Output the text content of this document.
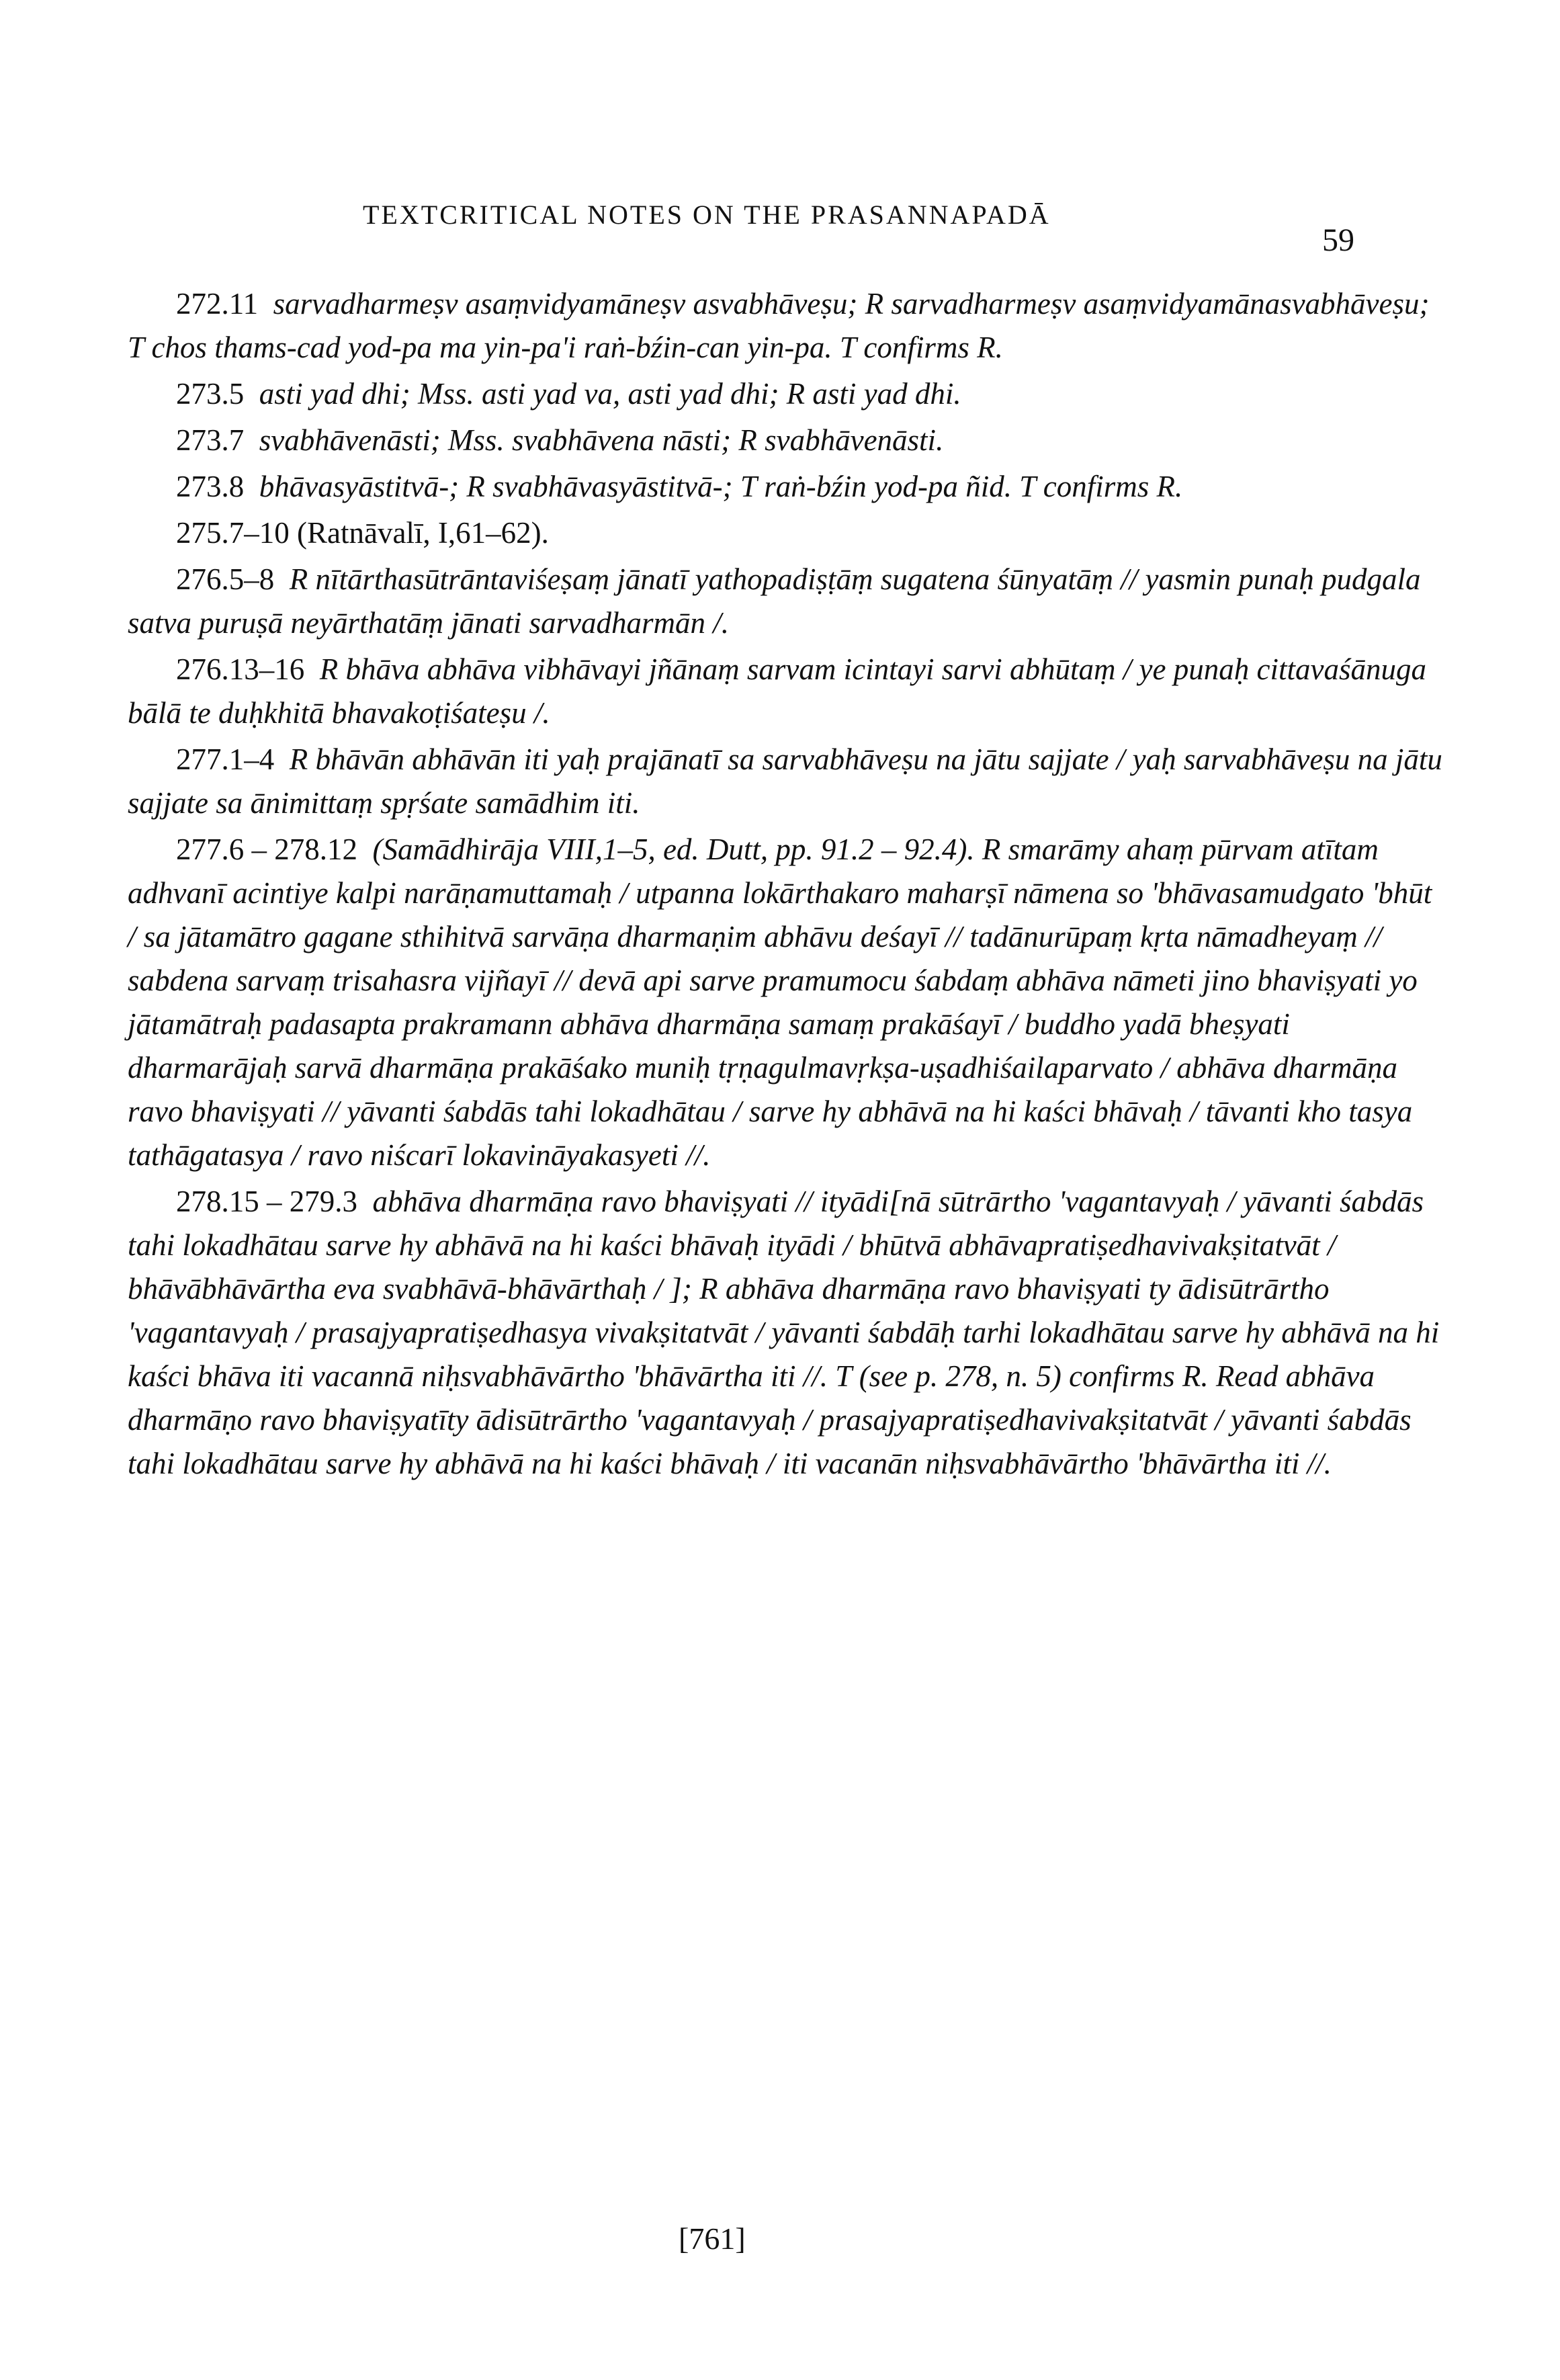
TEXTCRITICAL NOTES ON THE PRASANNAPADĀ
59

272.11 sarvadharmeṣv asaṃvidyamāneṣv asvabhāveṣu; R sarvadharmeṣv asaṃvidyamānasvabhāveṣu; T chos thams-cad yod-pa ma yin-pa'i raṅ-bźin-can yin-pa. T confirms R.

273.5 asti yad dhi; Mss. asti yad va, asti yad dhi; R asti yad dhi.

273.7 svabhāvenāsti; Mss. svabhāvena nāsti; R svabhāvenāsti.

273.8 bhāvasyāstitvā-; R svabhāvasyāstitvā-; T raṅ-bźin yod-pa ñid. T confirms R.

275.7–10 (Ratnāvalī, I,61–62).

276.5–8 R nītārthasūtrāntaviśeṣaṃ jānatī yathopadiṣṭāṃ sugatena śūnyatāṃ // yasmin punaḥ pudgala satva puruṣā neyārthatāṃ jānati sarvadharmān /.

276.13–16 R bhāva abhāva vibhāvayi jñānaṃ sarvam icintayi sarvi abhūtaṃ / ye punaḥ cittavaśānuga bālā te duḥkhitā bhavakoṭiśateṣu /.

277.1–4 R bhāvān abhāvān iti yaḥ prajānatī sa sarvabhāveṣu na jātu sajjate / yaḥ sarvabhāveṣu na jātu sajjate sa ānimittaṃ spṛśate samādhim iti.

277.6 – 278.12 (Samādhirāja VIII,1–5, ed. Dutt, pp. 91.2 – 92.4). R smarāmy ahaṃ pūrvam atītam adhvanī acintiye kalpi narāṇamuttamaḥ / utpanna lokārthakaro maharṣī nāmena so 'bhāvasamudgato 'bhūt / sa jātamātro gagane sthihitvā sarvāṇa dharmaṇim abhāvu deśayī // tadānurūpaṃ kṛta nāmadheyaṃ // sabdena sarvaṃ trisahasra vijñayī // devā api sarve pramumocu śabdaṃ abhāva nāmeti jino bhaviṣyati yo jātamātraḥ padasapta prakramann abhāva dharmāṇa samaṃ prakāśayī / buddho yadā bheṣyati dharmarājaḥ sarvā dharmāṇa prakāśako muniḥ tṛṇagulmavṛkṣa-uṣadhiśailaparvato / abhāva dharmāṇa ravo bhaviṣyati // yāvanti śabdās tahi lokadhātau / sarve hy abhāvā na hi kaści bhāvaḥ / tāvanti kho tasya tathāgatasya / ravo niścarī lokavināyakasyeti //.

278.15 – 279.3 abhāva dharmāṇa ravo bhaviṣyati // ityādi[nā sūtrārtho 'vagantavyaḥ / yāvanti śabdās tahi lokadhātau sarve hy abhāvā na hi kaści bhāvaḥ ityādi / bhūtvā abhāvapratiṣedhavivakṣitatvāt / bhāvābhāvārtha eva svabhāvā-bhāvārthaḥ / ]; R abhāva dharmāṇa ravo bhaviṣyati ty ādisūtrārtho 'vagantavyaḥ / prasajyapratiṣedhasya vivakṣitatvāt / yāvanti śabdāḥ tarhi lokadhātau sarve hy abhāvā na hi kaści bhāva iti vacannā niḥsvabhāvārtho 'bhāvārtha iti //. T (see p. 278, n. 5) confirms R. Read abhāva dharmāṇo ravo bhaviṣyatīty ādisūtrārtho 'vagantavyaḥ / prasajyapratiṣedhavivakṣitatvāt / yāvanti śabdās tahi lokadhātau sarve hy abhāvā na hi kaści bhāvaḥ / iti vacanān niḥsvabhāvārtho 'bhāvārtha iti //.

[761]
